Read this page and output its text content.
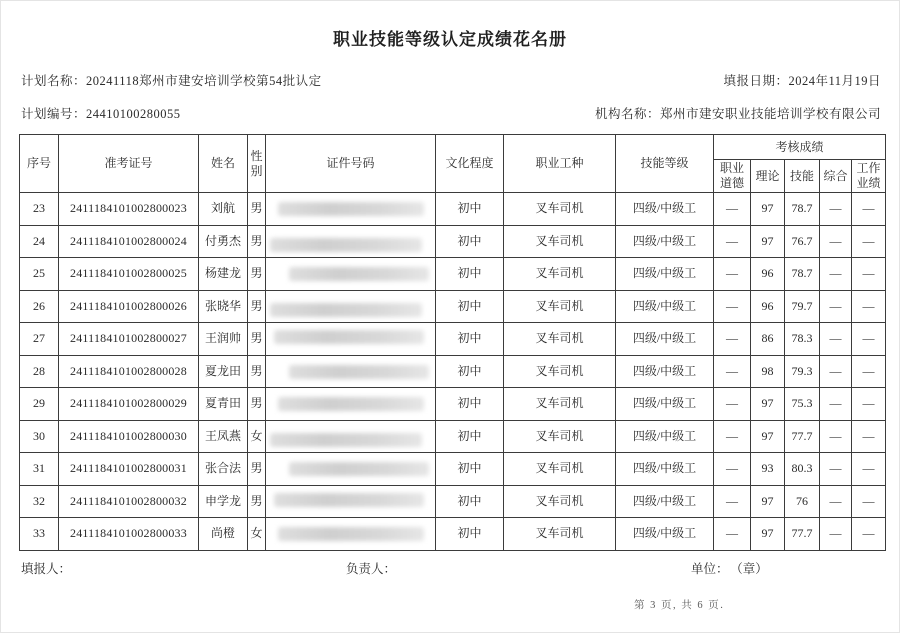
职业技能等级认定成绩花名册
计划名称：20241118郑州市建安培训学校第54批认定	填报日期：2024年11月19日
计划编号：24410100280055	机构名称：郑州市建安职业技能培训学校有限公司
序号	准考证号	姓名	性别	证件号码	文化程度	职业工种	技能等级	考核成绩				
								职业道德	理论	技能	综合	工作业绩
23	2411184101002800023	刘航	男		初中	叉车司机	四级/中级工	—	97	78.7	—	—
24	2411184101002800024	付勇杰	男		初中	叉车司机	四级/中级工	—	97	76.7	—	—
25	2411184101002800025	杨建龙	男		初中	叉车司机	四级/中级工	—	96	78.7	—	—
26	2411184101002800026	张晓华	男		初中	叉车司机	四级/中级工	—	96	79.7	—	—
27	2411184101002800027	王润帅	男		初中	叉车司机	四级/中级工	—	86	78.3	—	—
28	2411184101002800028	夏龙田	男		初中	叉车司机	四级/中级工	—	98	79.3	—	—
29	2411184101002800029	夏青田	男		初中	叉车司机	四级/中级工	—	97	75.3	—	—
30	2411184101002800030	王凤燕	女		初中	叉车司机	四级/中级工	—	97	77.7	—	—
31	2411184101002800031	张合法	男		初中	叉车司机	四级/中级工	—	93	80.3	—	—
32	2411184101002800032	申学龙	男		初中	叉车司机	四级/中级工	—	97	76	—	—
33	2411184101002800033	尚橙	女		初中	叉车司机	四级/中级工	—	97	77.7	—	—
填报人：	负责人：	单位： （章）
第 3 页, 共 6 页.
